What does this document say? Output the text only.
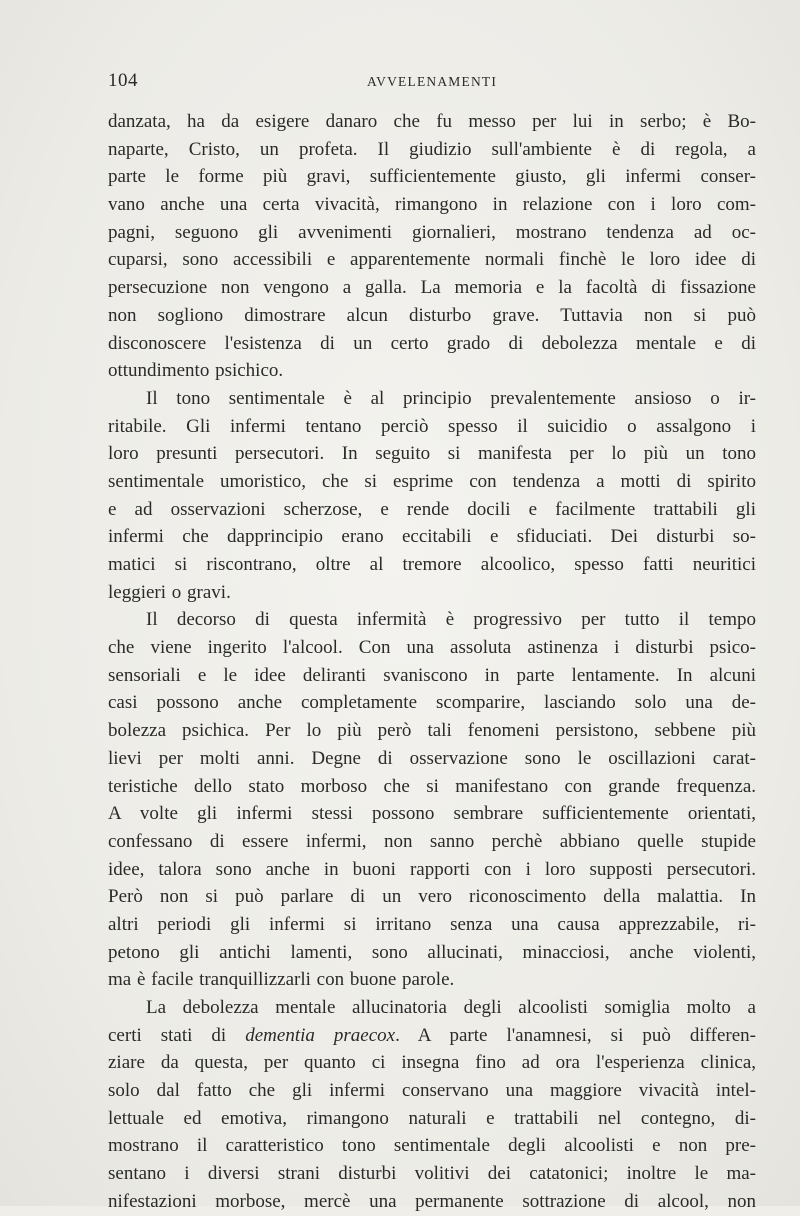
104	AVVELENAMENTI
danzata, ha da esigere danaro che fu messo per lui in serbo; è Bo-
naparte, Cristo, un profeta. Il giudizio sull'ambiente è di regola, a
parte le forme più gravi, sufficientemente giusto, gli infermi conser-
vano anche una certa vivacità, rimangono in relazione con i loro com-
pagni, seguono gli avvenimenti giornalieri, mostrano tendenza ad oc-
cuparsi, sono accessibili e apparentemente normali finchè le loro idee di
persecuzione non vengono a galla. La memoria e la facoltà di fissazione
non sogliono dimostrare alcun disturbo grave. Tuttavia non si può
disconoscere l'esistenza di un certo grado di debolezza mentale e di
ottundimento psichico.
Il tono sentimentale è al principio prevalentemente ansioso o ir-
ritabile. Gli infermi tentano perciò spesso il suicidio o assalgono i
loro presunti persecutori. In seguito si manifesta per lo più un tono
sentimentale umoristico, che si esprime con tendenza a motti di spirito
e ad osservazioni scherzose, e rende docili e facilmente trattabili gli
infermi che dapprincipio erano eccitabili e sfiduciati. Dei disturbi so-
matici si riscontrano, oltre al tremore alcoolico, spesso fatti neuritici
leggieri o gravi.
Il decorso di questa infermità è progressivo per tutto il tempo
che viene ingerito l'alcool. Con una assoluta astinenza i disturbi psico-
sensoriali e le idee deliranti svaniscono in parte lentamente. In alcuni
casi possono anche completamente scomparire, lasciando solo una de-
bolezza psichica. Per lo più però tali fenomeni persistono, sebbene più
lievi per molti anni. Degne di osservazione sono le oscillazioni carat-
teristiche dello stato morboso che si manifestano con grande frequenza.
A volte gli infermi stessi possono sembrare sufficientemente orientati,
confessano di essere infermi, non sanno perchè abbiano quelle stupide
idee, talora sono anche in buoni rapporti con i loro supposti persecutori.
Però non si può parlare di un vero riconoscimento della malattia. In
altri periodi gli infermi si irritano senza una causa apprezzabile, ri-
petono gli antichi lamenti, sono allucinati, minacciosi, anche violenti,
ma è facile tranquillizzarli con buone parole.
La debolezza mentale allucinatoria degli alcoolisti somiglia molto a
certi stati di dementia praecox. A parte l'anamnesi, si può differen-
ziare da questa, per quanto ci insegna fino ad ora l'esperienza clinica,
solo dal fatto che gli infermi conservano una maggiore vivacità intel-
lettuale ed emotiva, rimangono naturali e trattabili nel contegno, di-
mostrano il caratteristico tono sentimentale degli alcoolisti e non pre-
sentano i diversi strani disturbi volitivi dei catatonici; inoltre le ma-
nifestazioni morbose, mercè una permanente sottrazione di alcool, non
